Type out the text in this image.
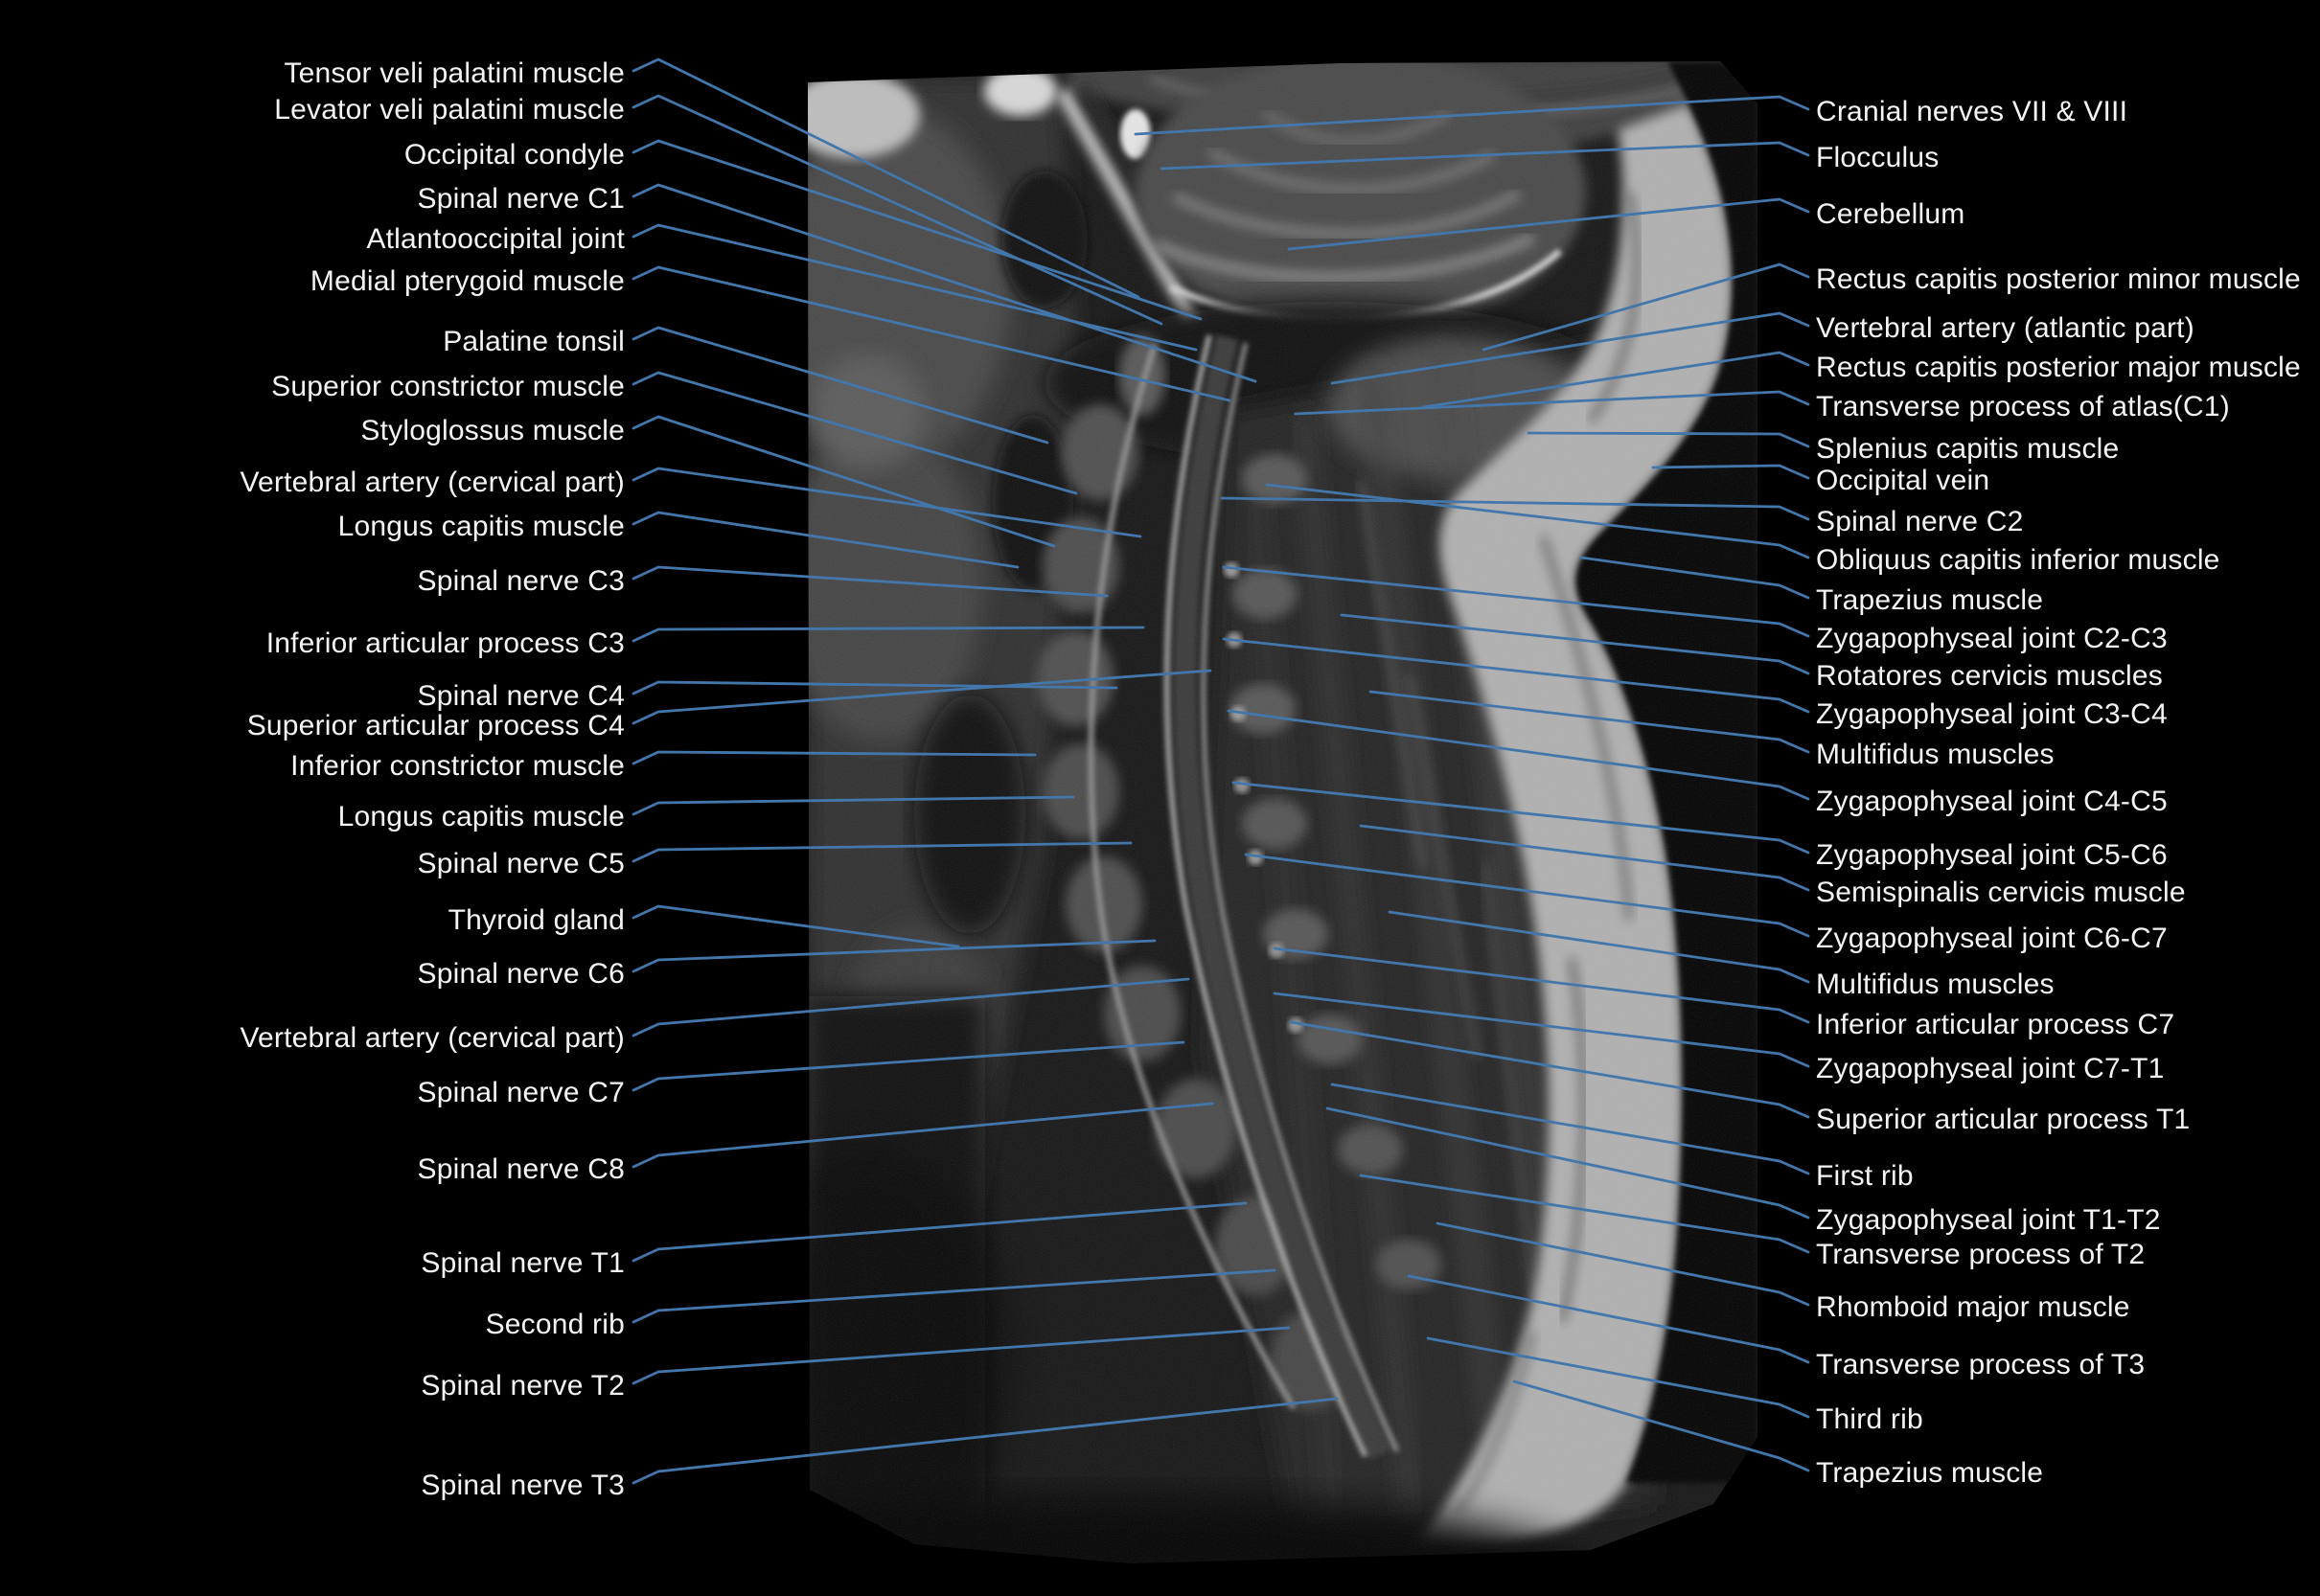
Tensor veli palatini muscle
Levator veli palatini muscle
Occipital condyle
Spinal nerve C1
Atlantooccipital joint
Medial pterygoid muscle
Palatine tonsil
Superior constrictor muscle
Styloglossus muscle
Vertebral artery (cervical part)
Longus capitis muscle
Spinal nerve C3
Inferior articular process C3
Spinal nerve C4
Superior articular process C4
Inferior constrictor muscle
Longus capitis muscle
Spinal nerve C5
Thyroid gland
Spinal nerve C6
Vertebral artery (cervical part)
Spinal nerve C7
Spinal nerve C8
Spinal nerve T1
Second rib
Spinal nerve T2
Spinal nerve T3
Cranial nerves VII & VIII
Flocculus
Cerebellum
Rectus capitis posterior minor muscle
Vertebral artery (atlantic part)
Rectus capitis posterior major muscle
Transverse process of atlas(C1)
Splenius capitis muscle
Occipital vein
Spinal nerve C2
Obliquus capitis inferior muscle
Trapezius muscle
Zygapophyseal joint C2-C3
Rotatores cervicis muscles
Zygapophyseal joint C3-C4
Multifidus muscles
Zygapophyseal joint C4-C5
Zygapophyseal joint C5-C6
Semispinalis cervicis muscle
Zygapophyseal joint C6-C7
Multifidus muscles
Inferior articular process C7
Zygapophyseal joint C7-T1
Superior articular process T1
First rib
Zygapophyseal joint T1-T2
Transverse process of T2
Rhomboid major muscle
Transverse process of T3
Third rib
Trapezius muscle
